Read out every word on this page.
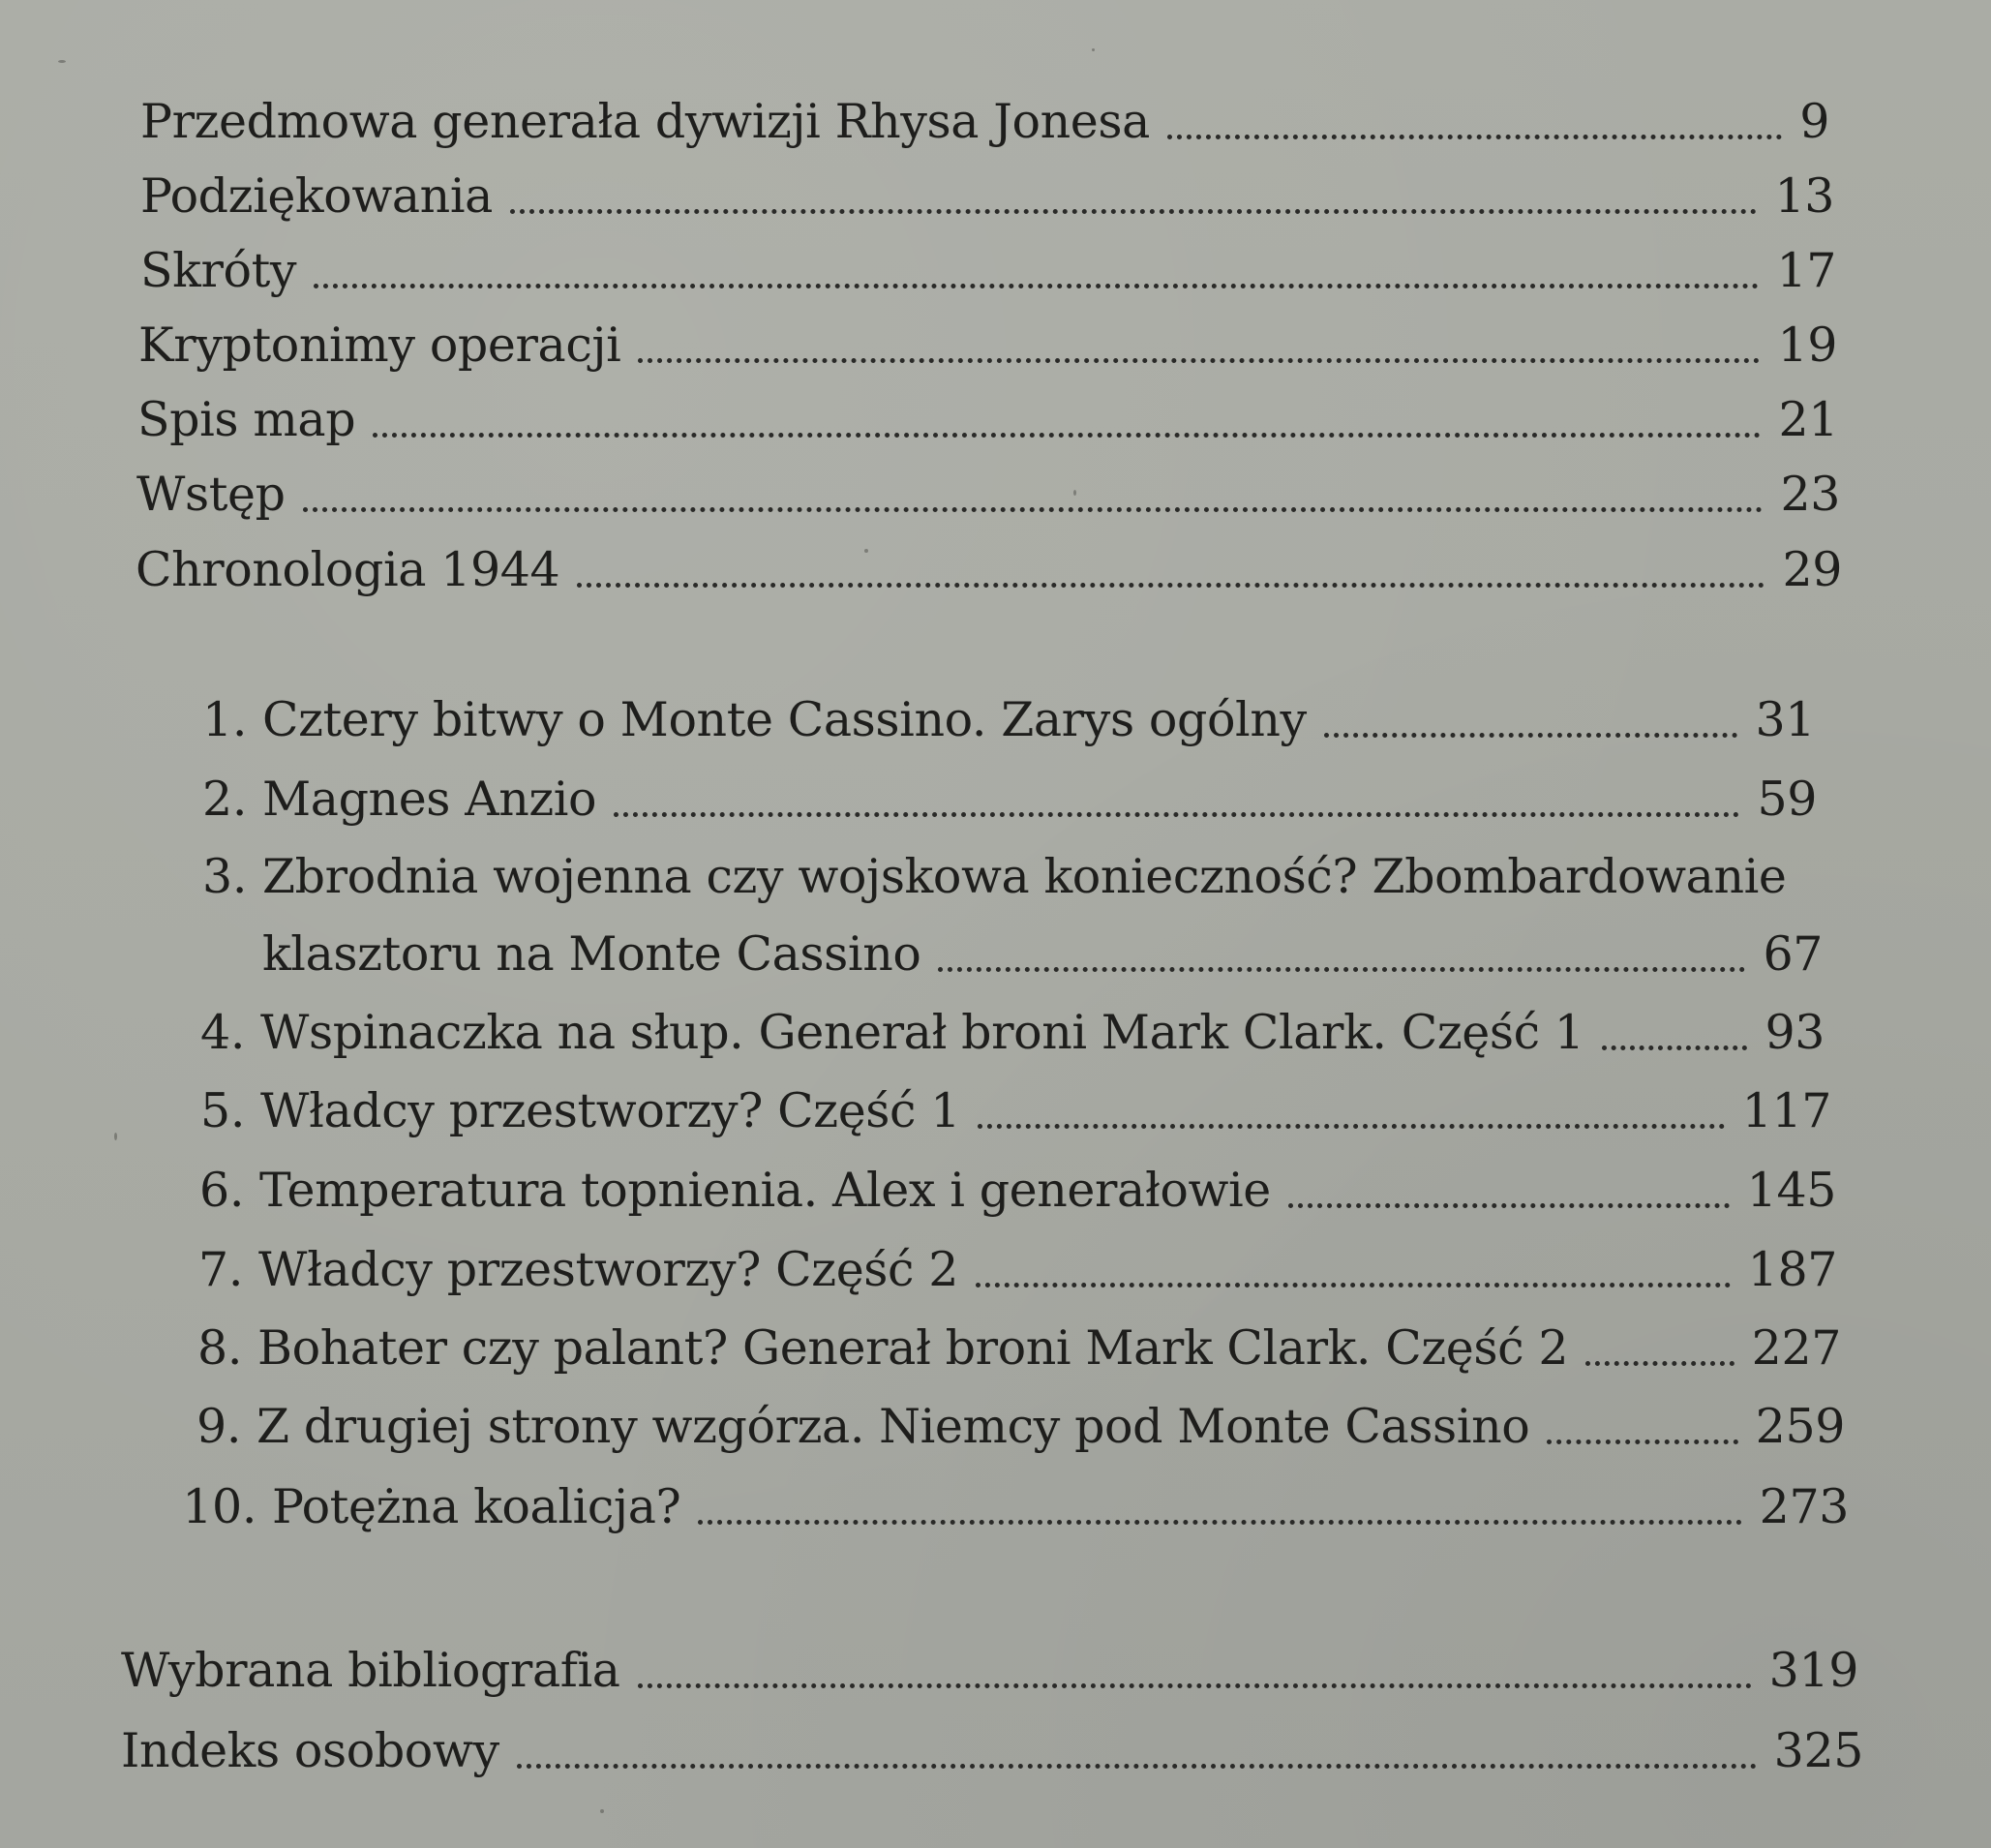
Przedmowa generała dywizji Rhysa Jonesa	9
Podziękowania	13
Skróty	17
Kryptonimy operacji	19
Spis map	21
Wstęp	23
Chronologia 1944	29
1. Cztery bitwy o Monte Cassino. Zarys ogólny	31
2. Magnes Anzio	59
3. Zbrodnia wojenna czy wojskowa konieczność? Zbombardowanie
klasztoru na Monte Cassino	67
4. Wspinaczka na słup. Generał broni Mark Clark. Część 1	93
5. Władcy przestworzy? Część 1	117
6. Temperatura topnienia. Alex i generałowie	145
7. Władcy przestworzy? Część 2	187
8. Bohater czy palant? Generał broni Mark Clark. Część 2	227
9. Z drugiej strony wzgórza. Niemcy pod Monte Cassino	259
10. Potężna koalicja?	273
Wybrana bibliografia	319
Indeks osobowy	325
